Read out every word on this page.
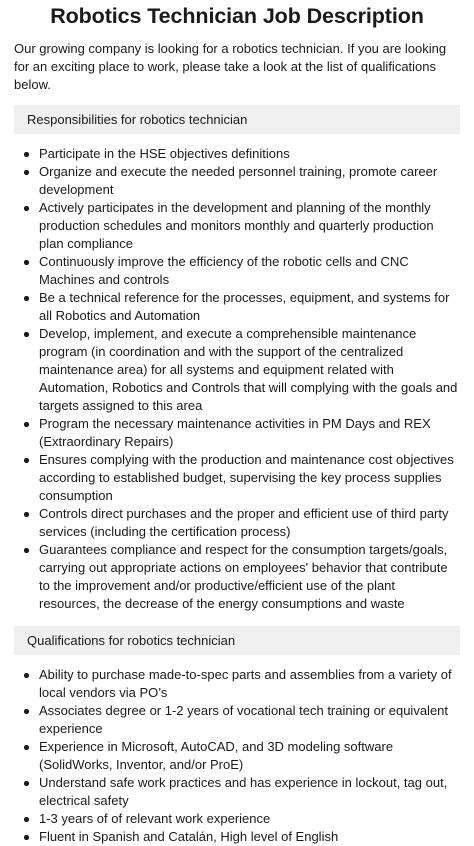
Robotics Technician Job Description

Our growing company is looking for a robotics technician. If you are looking for an exciting place to work, please take a look at the list of qualifications below.

Responsibilities for robotics technician
Participate in the HSE objectives definitions
Organize and execute the needed personnel training, promote career development
Actively participates in the development and planning of the monthly production schedules and monitors monthly and quarterly production plan compliance
Continuously improve the efficiency of the robotic cells and CNC Machines and controls
Be a technical reference for the processes, equipment, and systems for all Robotics and Automation
Develop, implement, and execute a comprehensible maintenance program (in coordination and with the support of the centralized maintenance area) for all systems and equipment related with Automation, Robotics and Controls that will complying with the goals and targets assigned to this area
Program the necessary maintenance activities in PM Days and REX (Extraordinary Repairs)
Ensures complying with the production and maintenance cost objectives according to established budget, supervising the key process supplies consumption
Controls direct purchases and the proper and efficient use of third party services (including the certification process)
Guarantees compliance and respect for the consumption targets/goals, carrying out appropriate actions on employees' behavior that contribute to the improvement and/or productive/efficient use of the plant resources, the decrease of the energy consumptions and waste
Qualifications for robotics technician
Ability to purchase made-to-spec parts and assemblies from a variety of local vendors via PO’s
Associates degree or 1-2 years of vocational tech training or equivalent experience
Experience in Microsoft, AutoCAD, and 3D modeling software (SolidWorks, Inventor, and/or ProE)
Understand safe work practices and has experience in lockout, tag out, electrical safety
1-3 years of of relevant work experience
Fluent in Spanish and Catalán, High level of English
